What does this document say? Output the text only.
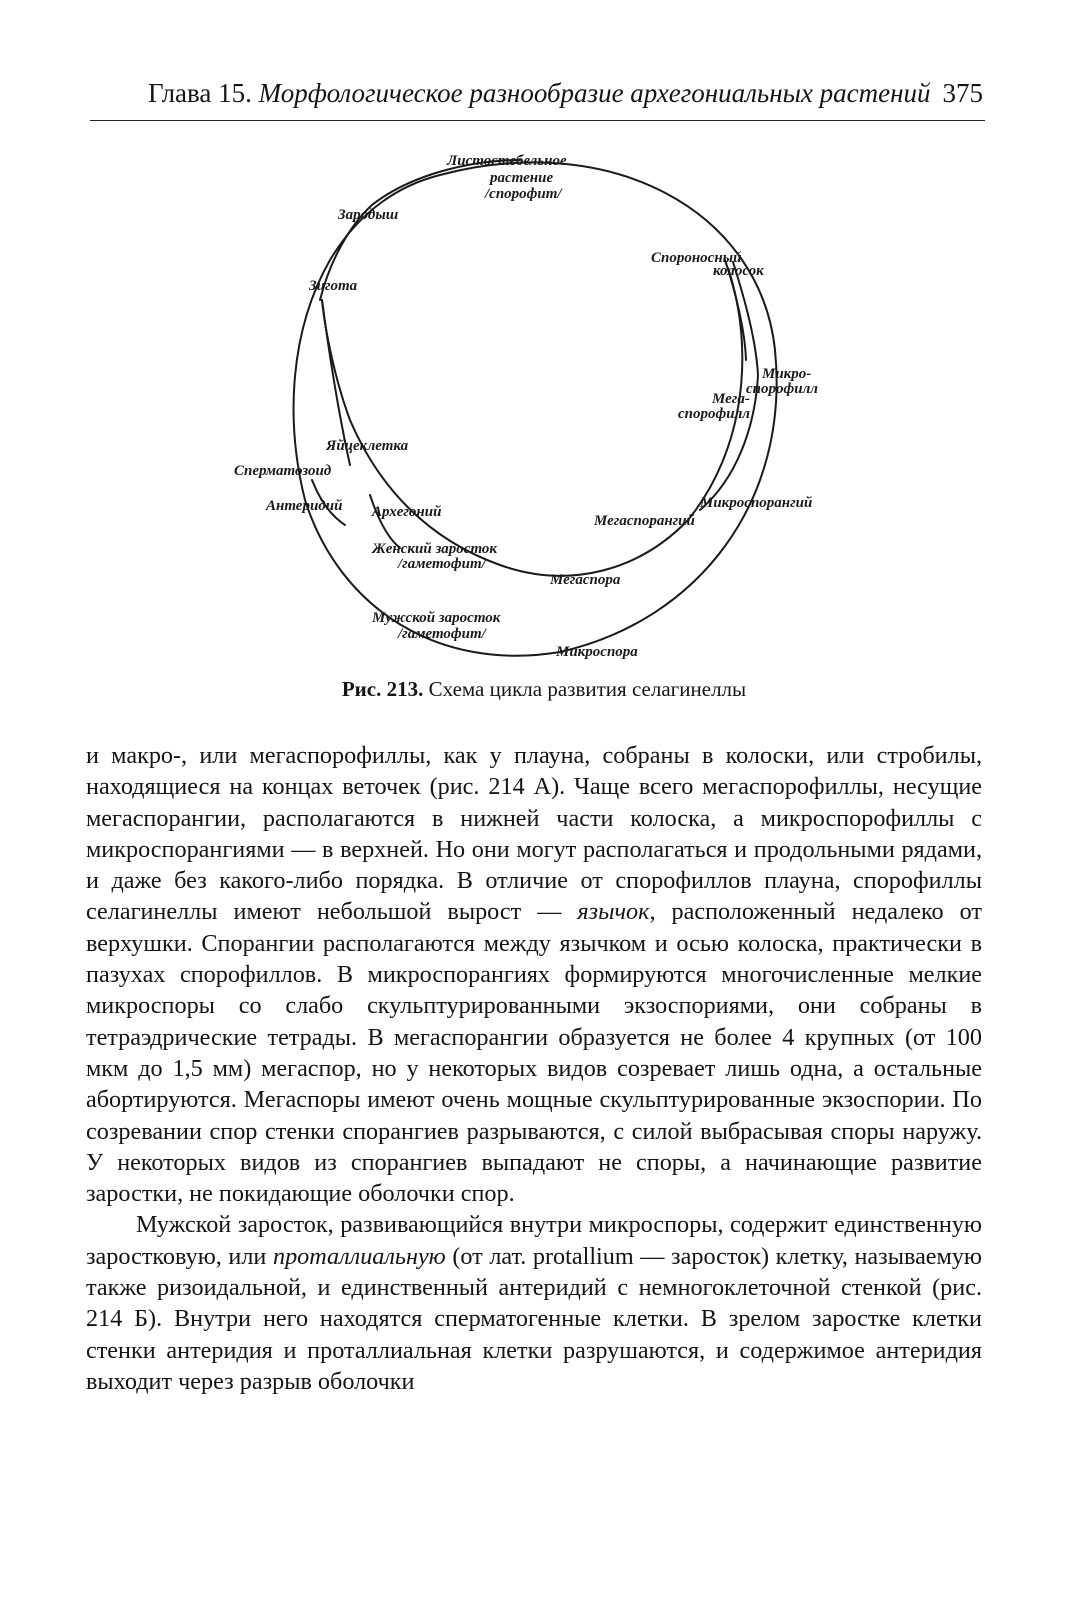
Глава 15. Морфологическое разнообразие архегониальных растений 375
Листостебельное
растение
/спорофит/
Зародыш
Зигота
Спороносный
колосок
Микро-
спорофилл
Мега-
спорофилл
Яйцеклетка
Сперматозоид
Антеридий Архегоний
Микроспорангий
Мегаспорангий
Женский заросток
/гаметофит/
Мегаспора
Мужской заросток
/гаметофит/
Микроспора
Рис. 213. Схема цикла развития селагинеллы

и макро-, или мегаспорофиллы, как у плауна, собраны в колоски, или стробилы, находящиеся на концах веточек (рис. 214 А). Чаще всего мегаспорофиллы, несущие мегаспорангии, располагаются в нижней части колоска, а микроспорофиллы с микроспорангиями — в верхней. Но они могут располагаться и продольными рядами, и даже без какого-либо порядка. В отличие от спорофиллов плауна, спорофиллы селагинеллы имеют небольшой вырост — язычок, расположенный недалеко от верхушки. Спорангии располагаются между язычком и осью колоска, практически в пазухах спорофиллов. В микроспорангиях формируются многочисленные мелкие микроспоры со слабо скульптурированными экзоспориями, они собраны в тетраэдрические тетрады. В мегаспорангии образуется не более 4 крупных (от 100 мкм до 1,5 мм) мегаспор, но у некоторых видов созревает лишь одна, а остальные абортируются. Мегаспоры имеют очень мощные скульптурированные экзоспории. По созревании спор стенки спорангиев разрываются, с силой выбрасывая споры наружу. У некоторых видов из спорангиев выпадают не споры, а начинающие развитие заростки, не покидающие оболочки спор.

Мужской заросток, развивающийся внутри микроспоры, содержит единственную заростковую, или проталлиальную (от лат. protallium — заросток) клетку, называемую также ризоидальной, и единственный антеридий с немногоклеточной стенкой (рис. 214 Б). Внутри него находятся сперматогенные клетки. В зрелом заростке клетки стенки антеридия и проталлиальная клетки разрушаются, и содержимое антеридия выходит через разрыв оболочки
